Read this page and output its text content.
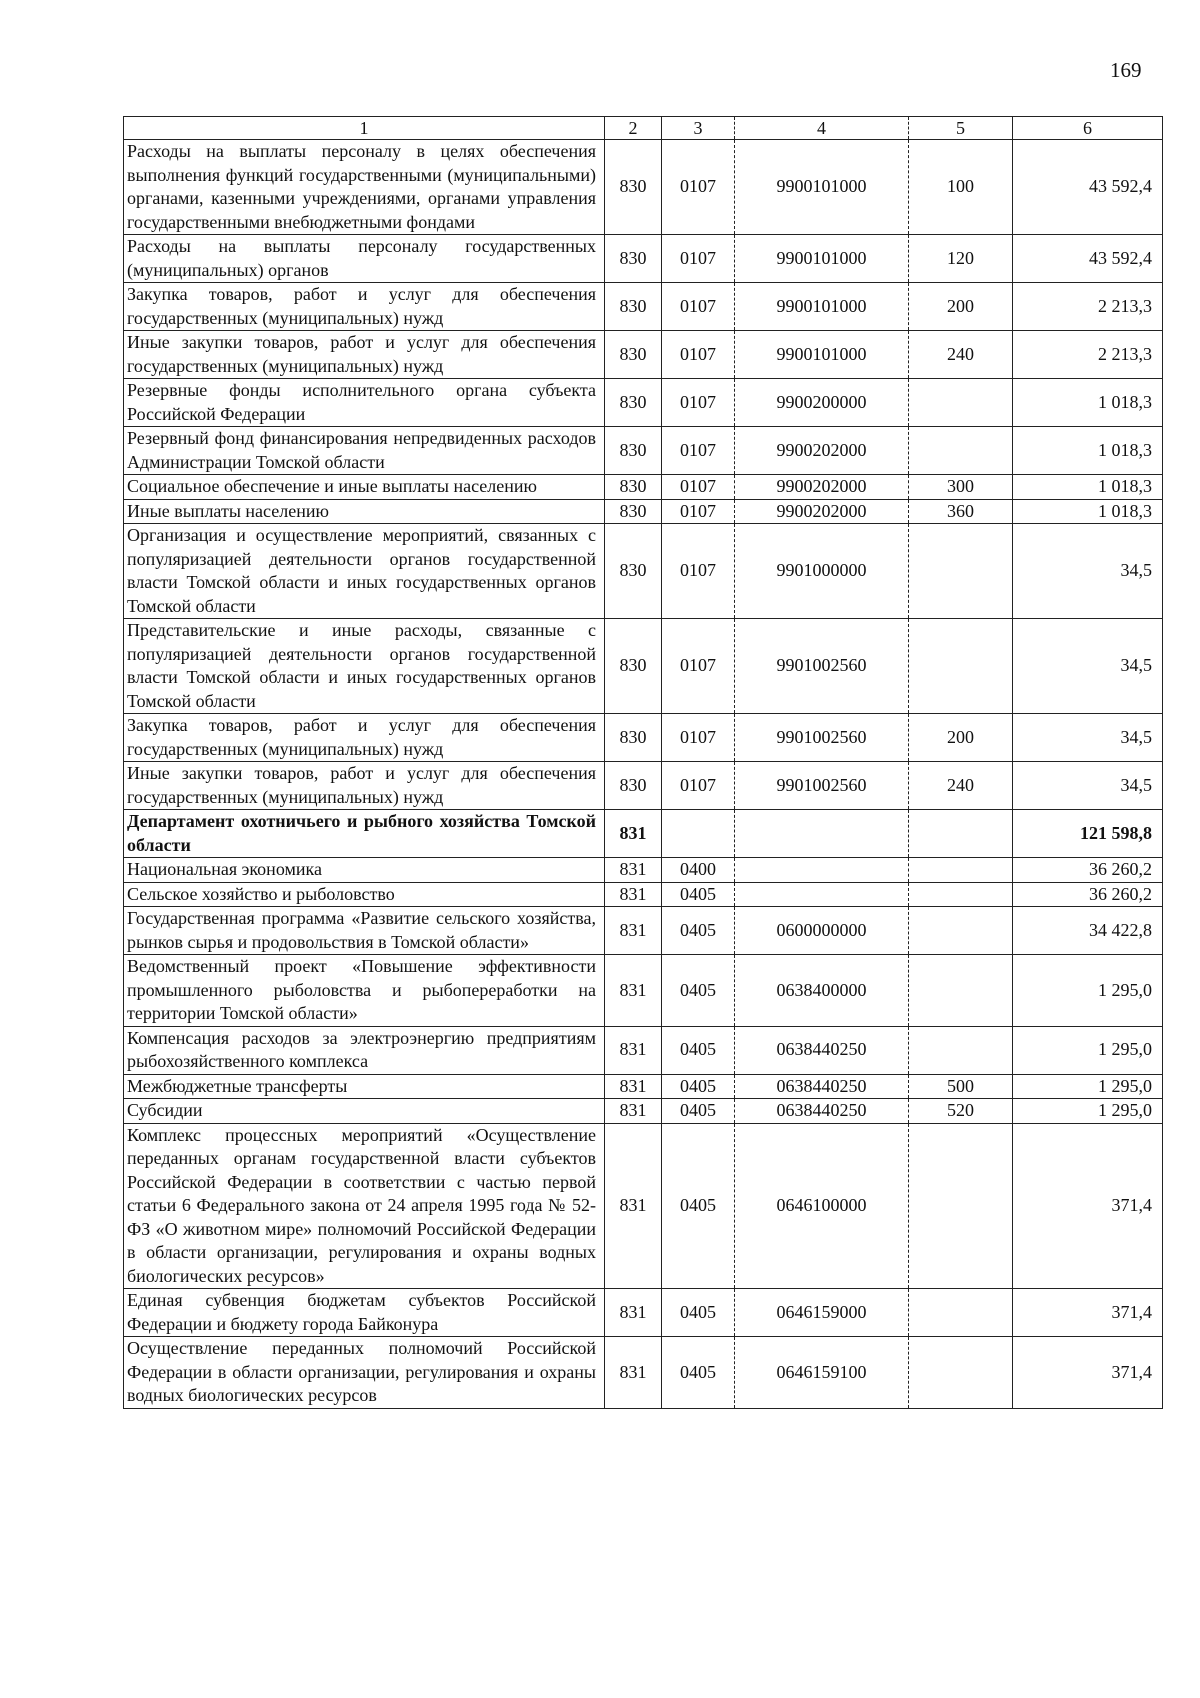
169
1	2	3	4	5	6
Расходы на выплаты персоналу в целях обеспечения выполнения функций государственными (муниципальными) органами, казенными учреждениями, органами управления государственными внебюджетными фондами	830	0107	9900101000	100	43 592,4
Расходы на выплаты персоналу государственных (муниципальных) органов	830	0107	9900101000	120	43 592,4
Закупка товаров, работ и услуг для обеспечения государственных (муниципальных) нужд	830	0107	9900101000	200	2 213,3
Иные закупки товаров, работ и услуг для обеспечения государственных (муниципальных) нужд	830	0107	9900101000	240	2 213,3
Резервные фонды исполнительного органа субъекта Российской Федерации	830	0107	9900200000		1 018,3
Резервный фонд финансирования непредвиденных расходов Администрации Томской области	830	0107	9900202000		1 018,3
Социальное обеспечение и иные выплаты населению	830	0107	9900202000	300	1 018,3
Иные выплаты населению	830	0107	9900202000	360	1 018,3
Организация и осуществление мероприятий, связанных с популяризацией деятельности органов государственной власти Томской области и иных государственных органов Томской области	830	0107	9901000000		34,5
Представительские и иные расходы, связанные с популяризацией деятельности органов государственной власти Томской области и иных государственных органов Томской области	830	0107	9901002560		34,5
Закупка товаров, работ и услуг для обеспечения государственных (муниципальных) нужд	830	0107	9901002560	200	34,5
Иные закупки товаров, работ и услуг для обеспечения государственных (муниципальных) нужд	830	0107	9901002560	240	34,5
Департамент охотничьего и рыбного хозяйства Томской области	831				121 598,8
Национальная экономика	831	0400			36 260,2
Сельское хозяйство и рыболовство	831	0405			36 260,2
Государственная программа «Развитие сельского хозяйства, рынков сырья и продовольствия в Томской области»	831	0405	0600000000		34 422,8
Ведомственный проект «Повышение эффективности промышленного рыболовства и рыбопереработки на территории Томской области»	831	0405	0638400000		1 295,0
Компенсация расходов за электроэнергию предприятиям рыбохозяйственного комплекса	831	0405	0638440250		1 295,0
Межбюджетные трансферты	831	0405	0638440250	500	1 295,0
Субсидии	831	0405	0638440250	520	1 295,0
Комплекс процессных мероприятий «Осуществление переданных органам государственной власти субъектов Российской Федерации в соответствии с частью первой статьи 6 Федерального закона от 24 апреля 1995 года № 52-ФЗ «О животном мире» полномочий Российской Федерации в области организации, регулирования и охраны водных биологических ресурсов»	831	0405	0646100000		371,4
Единая субвенция бюджетам субъектов Российской Федерации и бюджету города Байконура	831	0405	0646159000		371,4
Осуществление переданных полномочий Российской Федерации в области организации, регулирования и охраны водных биологических ресурсов	831	0405	0646159100		371,4
